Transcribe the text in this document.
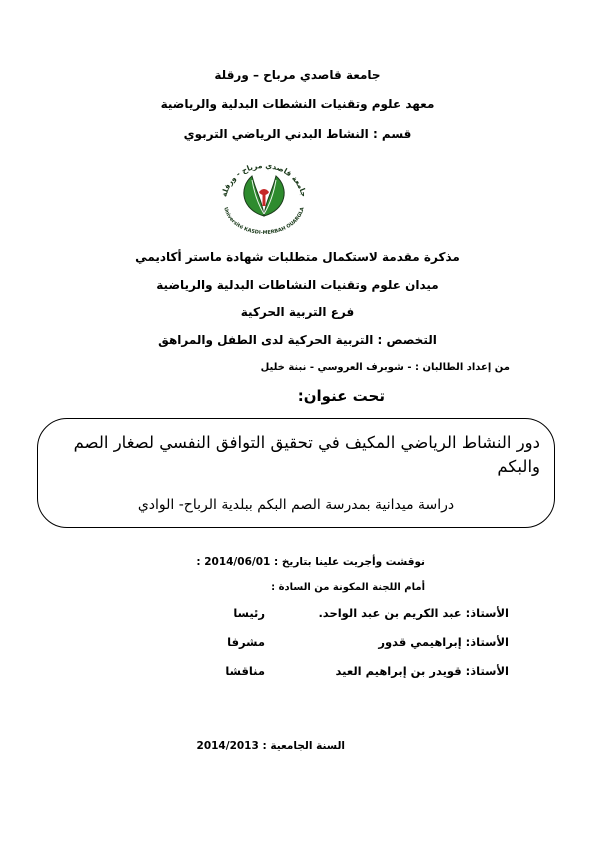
جامعة قاصدي مرباح – ورقلة
معهد علوم وتقنيات النشطات البدلية والرياضية
قسم : النشاط البدني الرياضي التربوي
جامعة قاصدي مرباح - ورقلة
Université KASDI-MERBAH OUARGLA
مذكرة مقدمة لاستكمال متطلبات شهادة ماستر أكاديمي
ميدان علوم وتقنيات النشاطات البدلية والرياضية
فرع التربية الحركية
التخصص : التربية الحركية لدى الطفل والمراهق
من إعداد الطالبان : - شوبرف العروسي - نبنة خليل
تحت عنوان:
دور النشاط الرياضي المكيف في تحقيق التوافق النفسي لصغار الصم والبكم
دراسة ميدانية بمدرسة الصم البكم ببلدية الرباح- الوادي
نوقشت وأجريت علينا بتاريخ : 2014/06/01 :
أمام اللجنة المكونة من السادة :
الأستاذ: عبد الكريم بن عبد الواحد.
رئيسا
الأستاذ: إبراهيمي قدور
مشرفا
الأستاذ: قويدر بن إبراهيم العيد
مناقشا
السنة الجامعية : 2014/2013
